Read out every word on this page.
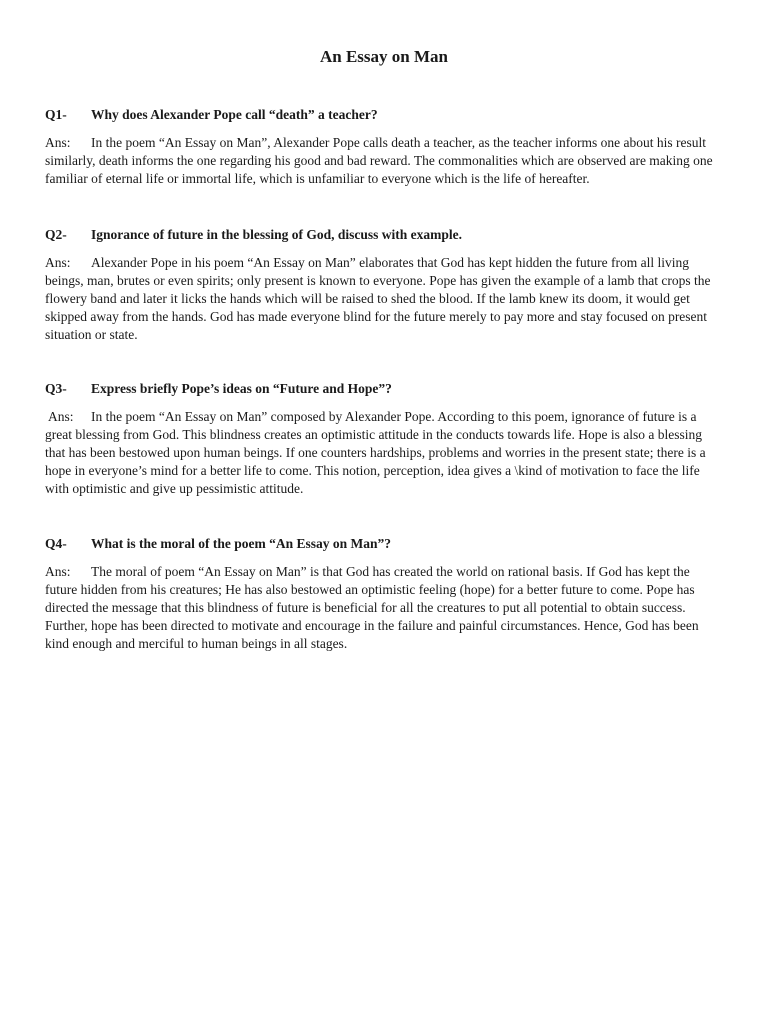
An Essay on Man

Q1- Why does Alexander Pope call “death” a teacher?

Ans: In the poem “An Essay on Man”, Alexander Pope calls death a teacher, as the teacher informs one about his result similarly, death informs the one regarding his good and bad reward. The commonalities which are observed are making one familiar of eternal life or immortal life, which is unfamiliar to everyone which is the life of hereafter.

Q2- Ignorance of future in the blessing of God, discuss with example.

Ans: Alexander Pope in his poem “An Essay on Man” elaborates that God has kept hidden the future from all living beings, man, brutes or even spirits; only present is known to everyone. Pope has given the example of a lamb that crops the flowery band and later it licks the hands which will be raised to shed the blood. If the lamb knew its doom, it would get skipped away from the hands. God has made everyone blind for the future merely to pay more and stay focused on present situation or state.

Q3- Express briefly Pope’s ideas on “Future and Hope”?

Ans: In the poem “An Essay on Man” composed by Alexander Pope. According to this poem, ignorance of future is a great blessing from God. This blindness creates an optimistic attitude in the conducts towards life. Hope is also a blessing that has been bestowed upon human beings. If one counters hardships, problems and worries in the present state; there is a hope in everyone’s mind for a better life to come. This notion, perception, idea gives a \kind of motivation to face the life with optimistic and give up pessimistic attitude.

Q4- What is the moral of the poem “An Essay on Man”?

Ans: The moral of poem “An Essay on Man” is that God has created the world on rational basis. If God has kept the future hidden from his creatures; He has also bestowed an optimistic feeling (hope) for a better future to come. Pope has directed the message that this blindness of future is beneficial for all the creatures to put all potential to obtain success. Further, hope has been directed to motivate and encourage in the failure and painful circumstances. Hence, God has been kind enough and merciful to human beings in all stages.
